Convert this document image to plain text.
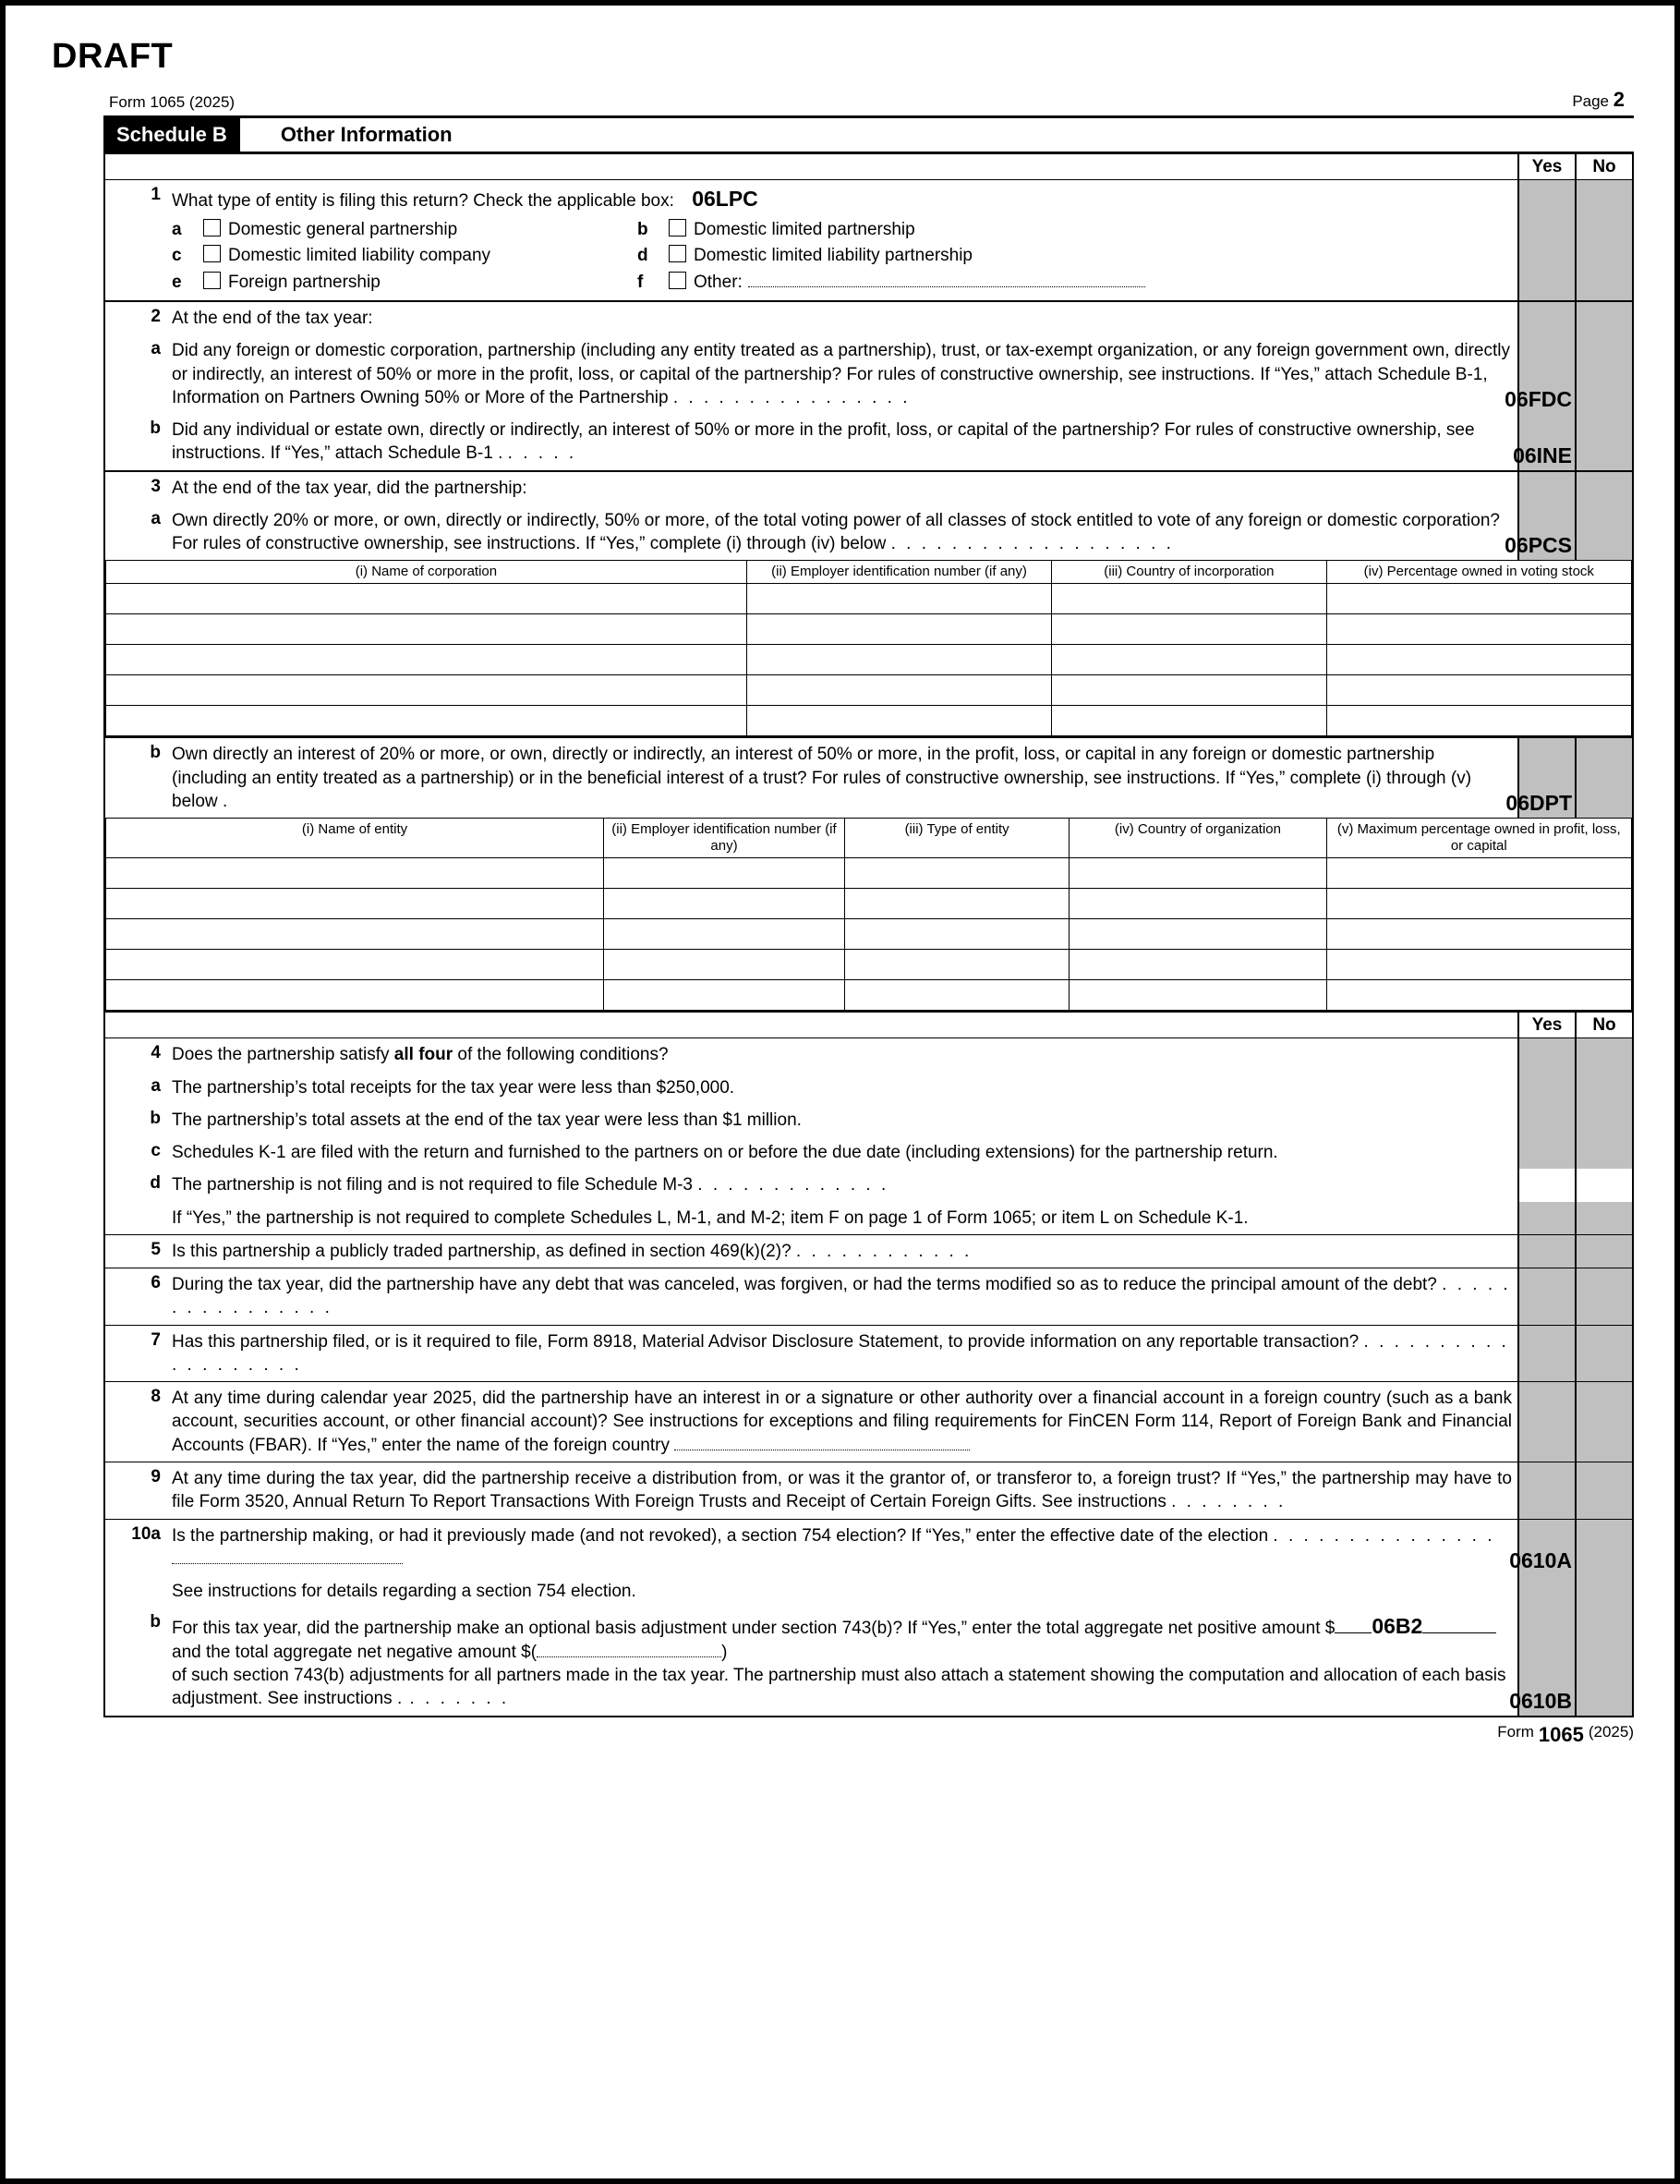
DRAFT
Form 1065 (2025)	Page 2
Schedule B	Other Information
Yes	No
1 What type of entity is filing this return? Check the applicable box: 06LPC
a	Domestic general partnership	b	Domestic limited partnership
c	Domestic limited liability company	d	Domestic limited liability partnership
e	Foreign partnership	f	Other:
2 At the end of the tax year:
a Did any foreign or domestic corporation, partnership (including any entity treated as a partnership), trust, or tax-exempt organization, or any foreign government own, directly or indirectly, an interest of 50% or more in the profit, loss, or capital of the partnership? For rules of constructive ownership, see instructions. If “Yes,” attach Schedule B-1, Information on Partners Owning 50% or More of the Partnership . . . . . . . . . . . . . . . .	06FDC
b Did any individual or estate own, directly or indirectly, an interest of 50% or more in the profit, loss, or capital of the partnership? For rules of constructive ownership, see instructions. If “Yes,” attach Schedule B-1 . . . . . .	06INE
3 At the end of the tax year, did the partnership:
a Own directly 20% or more, or own, directly or indirectly, 50% or more, of the total voting power of all classes of stock entitled to vote of any foreign or domestic corporation? For rules of constructive ownership, see instructions. If “Yes,” complete (i) through (iv) below . . . . . . . . . . . . . . . . . . .	06PCS
(i) Name of corporation	(ii) Employer identification number (if any)	(iii) Country of incorporation	(iv) Percentage owned in voting stock

b Own directly an interest of 20% or more, or own, directly or indirectly, an interest of 50% or more, in the profit, loss, or capital in any foreign or domestic partnership (including an entity treated as a partnership) or in the beneficial interest of a trust? For rules of constructive ownership, see instructions. If “Yes,” complete (i) through (v) below .	06DPT
(i) Name of entity	(ii) Employer identification number (if any)	(iii) Type of entity	(iv) Country of organization	(v) Maximum percentage owned in profit, loss, or capital

Yes	No
4 Does the partnership satisfy all four of the following conditions?
a The partnership’s total receipts for the tax year were less than $250,000.
b The partnership’s total assets at the end of the tax year were less than $1 million.
c Schedules K-1 are filed with the return and furnished to the partners on or before the due date (including extensions) for the partnership return.
d The partnership is not filing and is not required to file Schedule M-3 . . . . . . . . . . . . .
If “Yes,” the partnership is not required to complete Schedules L, M-1, and M-2; item F on page 1 of Form 1065; or item L on Schedule K-1.
5 Is this partnership a publicly traded partnership, as defined in section 469(k)(2)? . . . . . . . . . . . .
6 During the tax year, did the partnership have any debt that was canceled, was forgiven, or had the terms modified so as to reduce the principal amount of the debt? . . . . . . . . . . . . . . . .
7 Has this partnership filed, or is it required to file, Form 8918, Material Advisor Disclosure Statement, to provide information on any reportable transaction? . . . . . . . . . . . . . . . . . . .
8 At any time during calendar year 2025, did the partnership have an interest in or a signature or other authority over a financial account in a foreign country (such as a bank account, securities account, or other financial account)? See instructions for exceptions and filing requirements for FinCEN Form 114, Report of Foreign Bank and Financial Accounts (FBAR). If “Yes,” enter the name of the foreign country
9 At any time during the tax year, did the partnership receive a distribution from, or was it the grantor of, or transferor to, a foreign trust? If “Yes,” the partnership may have to file Form 3520, Annual Return To Report Transactions With Foreign Trusts and Receipt of Certain Foreign Gifts. See instructions . . . . . . . .
10a Is the partnership making, or had it previously made (and not revoked), a section 754 election? If “Yes,” enter the effective date of the election . . . . . . . . . . . . . . .
0610A
See instructions for details regarding a section 754 election.
b For this tax year, did the partnership make an optional basis adjustment under section 743(b)? If “Yes,” enter the total aggregate net positive amount $ 06B2 and the total aggregate net negative amount $(	)
of such section 743(b) adjustments for all partners made in the tax year. The partnership must also attach a statement showing the computation and allocation of each basis adjustment. See instructions . . . . . . . .	0610B
Form 1065 (2025)
